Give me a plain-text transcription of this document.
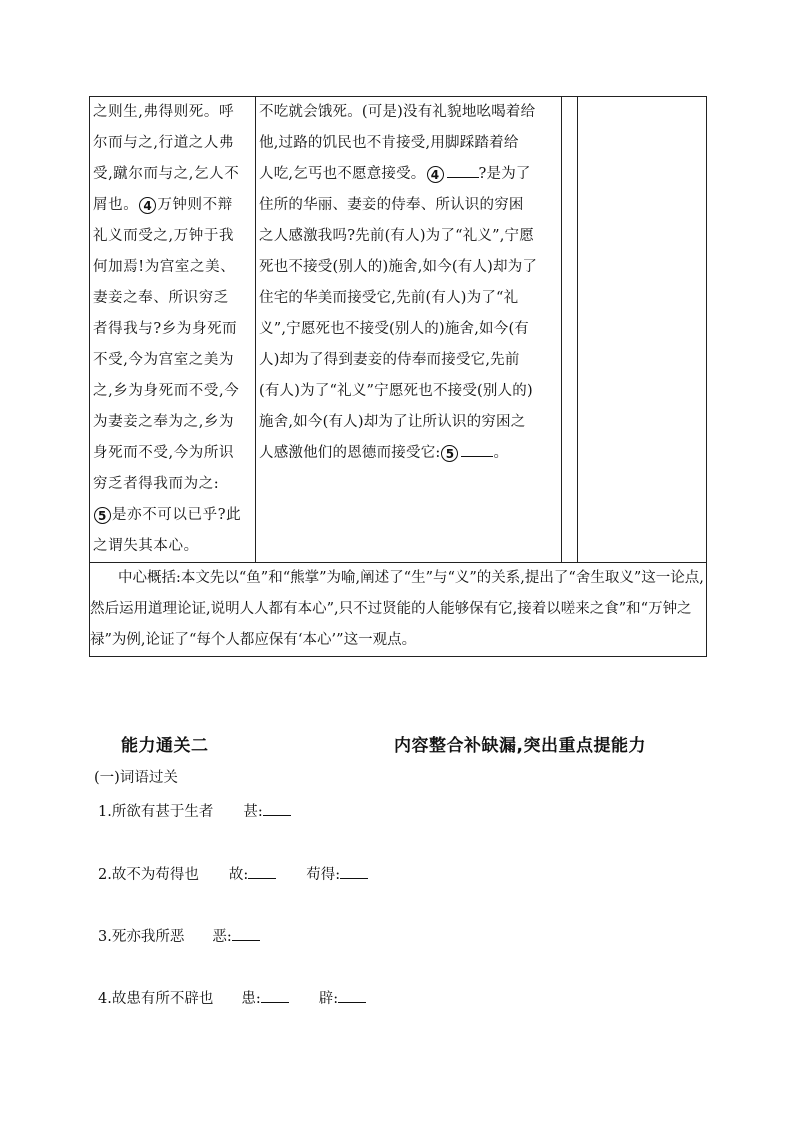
之则生,弗得则死。呼
尔而与之,行道之人弗
受,蹴尔而与之,乞人不
屑也。 4 万钟则不辩
礼义而受之,万钟于我
何加焉!为宫室之美、
妻妾之奉、所识穷乏
者得我与?乡为身死而
不受,今为宫室之美为
之,乡为身死而不受,今
为妻妾之奉为之,乡为
身死而不受,今为所识
穷乏者得我而为之:
5 是亦不可以已乎?此
之谓失其本心。

不吃就会饿死。(可是)没有礼貌地吆喝着给
他,过路的饥民也不肯接受,用脚踩踏着给
人吃,乞丐也不愿意接受。 4	?是为了
住所的华丽、妻妾的侍奉、所认识的穷困
之人感激我吗?先前(有人)为了“礼义”,宁愿
死也不接受(别人的)施舍,如今(有人)却为了
住宅的华美而接受它,先前(有人)为了“礼
义”,宁愿死也不接受(别人的)施舍,如今(有
人)却为了得到妻妾的侍奉而接受它,先前
(有人)为了“礼义”宁愿死也不接受(别人的)
施舍,如今(有人)却为了让所认识的穷困之
人感激他们的恩德而接受它: 5	。

中心概括:本文先以“鱼”和“熊掌”为喻,阐述了“生”与“义”的关系,提出了“舍生取义”这一论点,然后运用道理论证,说明人人都有本心”,只不过贤能的人能够保有它,接着以嗟来之食”和“万钟之禄”为例,论证了“每个人都应保有‘本心’”这一观点。

能力通关二	内容整合补缺漏,突出重点提能力
(一)词语过关
1.所欲有甚于生者 甚:
2.故不为苟得也 故:	苟得:
3.死亦我所恶 恶:
4.故患有所不辟也 患:	辟:
